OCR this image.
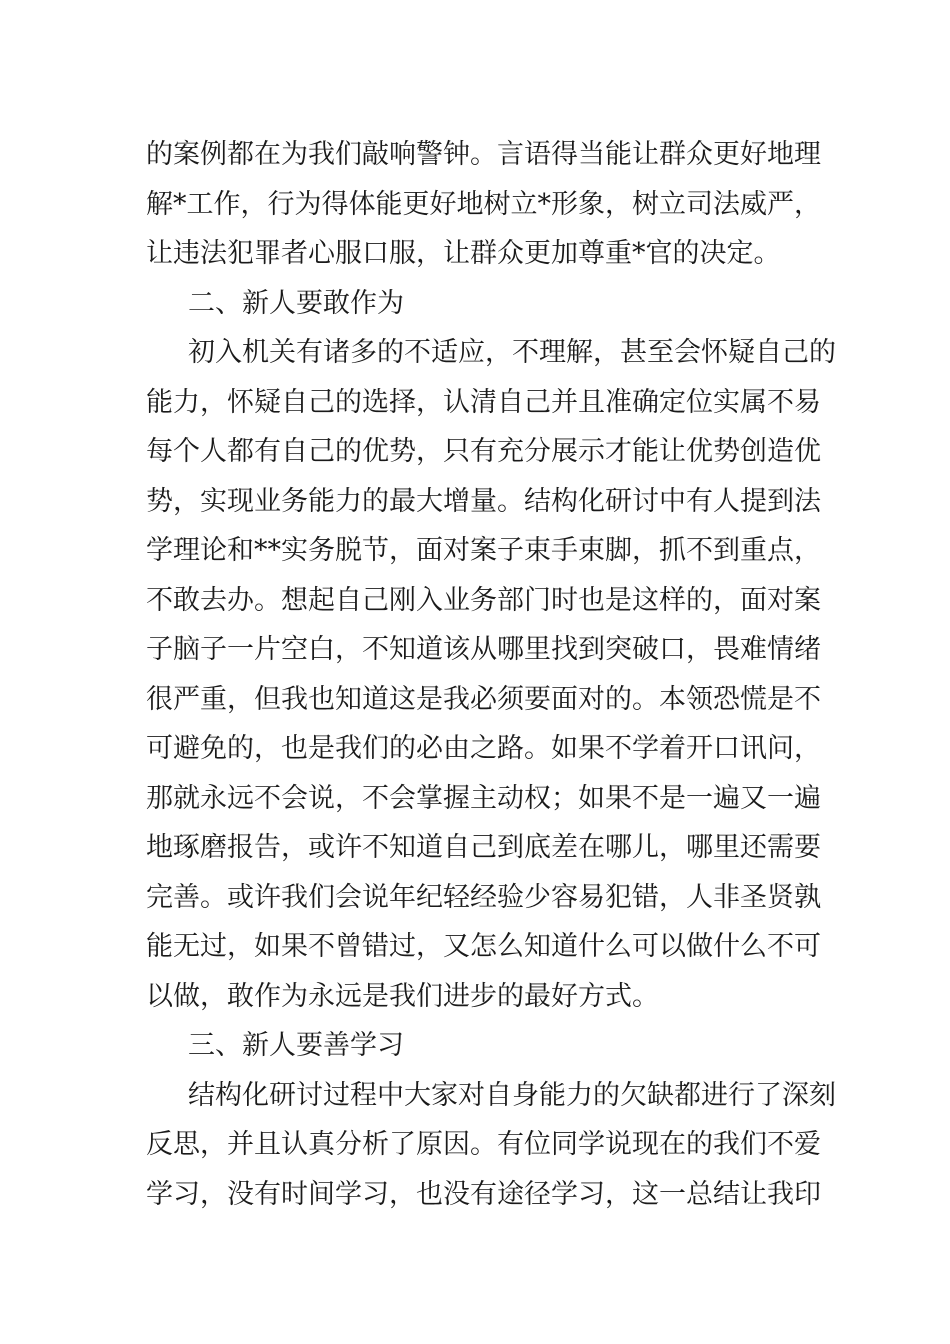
的案例都在为我们敲响警钟。言语得当能让群众更好地理
解*工作，行为得体能更好地树立*形象，树立司法威严，
让违法犯罪者心服口服，让群众更加尊重*官的决定。
二、新人要敢作为
初入机关有诸多的不适应，不理解，甚至会怀疑自己的
能力，怀疑自己的选择，认清自己并且准确定位实属不易
每个人都有自己的优势，只有充分展示才能让优势创造优
势，实现业务能力的最大增量。结构化研讨中有人提到法
学理论和**实务脱节，面对案子束手束脚，抓不到重点，
不敢去办。想起自己刚入业务部门时也是这样的，面对案
子脑子一片空白，不知道该从哪里找到突破口，畏难情绪
很严重，但我也知道这是我必须要面对的。本领恐慌是不
可避免的，也是我们的必由之路。如果不学着开口讯问，
那就永远不会说，不会掌握主动权；如果不是一遍又一遍
地琢磨报告，或许不知道自己到底差在哪儿，哪里还需要
完善。或许我们会说年纪轻经验少容易犯错，人非圣贤孰
能无过，如果不曾错过，又怎么知道什么可以做什么不可
以做，敢作为永远是我们进步的最好方式。
三、新人要善学习
结构化研讨过程中大家对自身能力的欠缺都进行了深刻
反思，并且认真分析了原因。有位同学说现在的我们不爱
学习，没有时间学习，也没有途径学习，这一总结让我印
